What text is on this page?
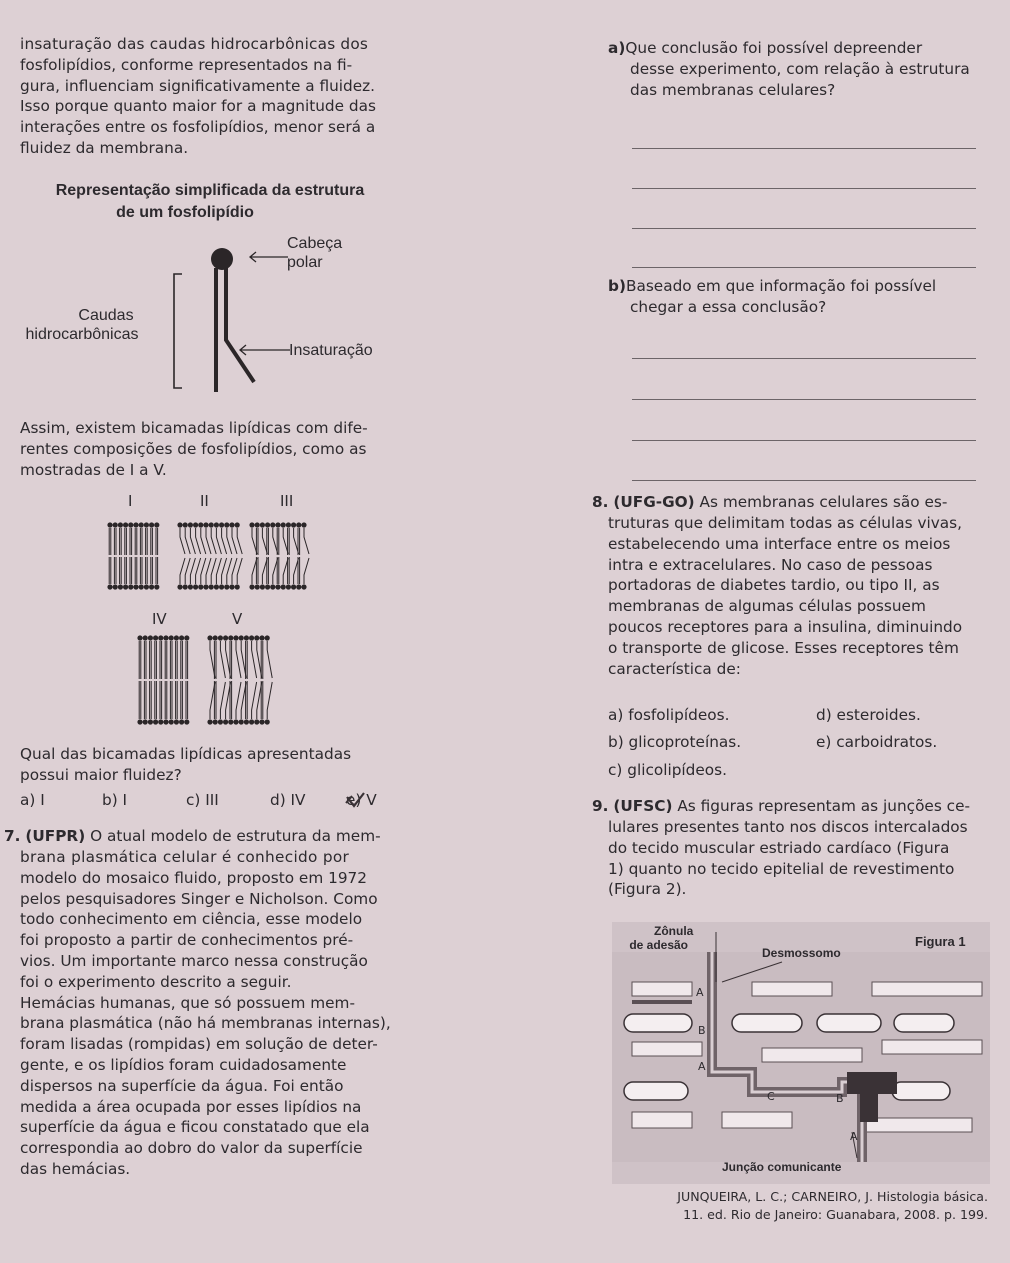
insaturação das caudas hidrocarbônicas dos
fosfolipídios, conforme representados na fi-
gura, influenciam significativamente a fluidez.
Isso porque quanto maior for a magnitude das
interações entre os fosfolipídios, menor será a
fluidez da membrana.
Representação simplificada da estrutura
de um fosfolipídio
Cabeça
polar
Caudas
hidrocarbônicas
Insaturação
Assim, existem bicamadas lipídicas com dife-
rentes composições de fosfolipídios, como as
mostradas de I a V.
I	II	III
IV	V
Qual das bicamadas lipídicas apresentadas
possui maior fluidez?
a) I	b) I	c) III	d) IV	e) V
7. (UFPR) O atual modelo de estrutura da mem-
brana plasmática celular é conhecido por
modelo do mosaico fluido, proposto em 1972
pelos pesquisadores Singer e Nicholson. Como
todo conhecimento em ciência, esse modelo
foi proposto a partir de conhecimentos pré-
vios. Um importante marco nessa construção
foi o experimento descrito a seguir.
Hemácias humanas, que só possuem mem-
brana plasmática (não há membranas internas),
foram lisadas (rompidas) em solução de deter-
gente, e os lipídios foram cuidadosamente
dispersos na superfície da água. Foi então
medida a área ocupada por esses lipídios na
superfície da água e ficou constatado que ela
correspondia ao dobro do valor da superfície
das hemácias.
a)Que conclusão foi possível depreender
desse experimento, com relação à estrutura
das membranas celulares?
b)Baseado em que informação foi possível
chegar a essa conclusão?
8. (UFG-GO) As membranas celulares são es-
truturas que delimitam todas as células vivas,
estabelecendo uma interface entre os meios
intra e extracelulares. No caso de pessoas
portadoras de diabetes tardio, ou tipo II, as
membranas de algumas células possuem
poucos receptores para a insulina, diminuindo
o transporte de glicose. Esses receptores têm
característica de:
a) fosfolipídeos.
b) glicoproteínas.
c) glicolipídeos.
d) esteroides.
e) carboidratos.
9. (UFSC) As figuras representam as junções ce-
lulares presentes tanto nos discos intercalados
do tecido muscular estriado cardíaco (Figura
1) quanto no tecido epitelial de revestimento
(Figura 2).
Zônula
de adesão
Desmossomo
Figura 1
Junção comunicante
A
B
A
C	B
A
JUNQUEIRA, L. C.; CARNEIRO, J. Histologia básica.
11. ed. Rio de Janeiro: Guanabara, 2008. p. 199.
